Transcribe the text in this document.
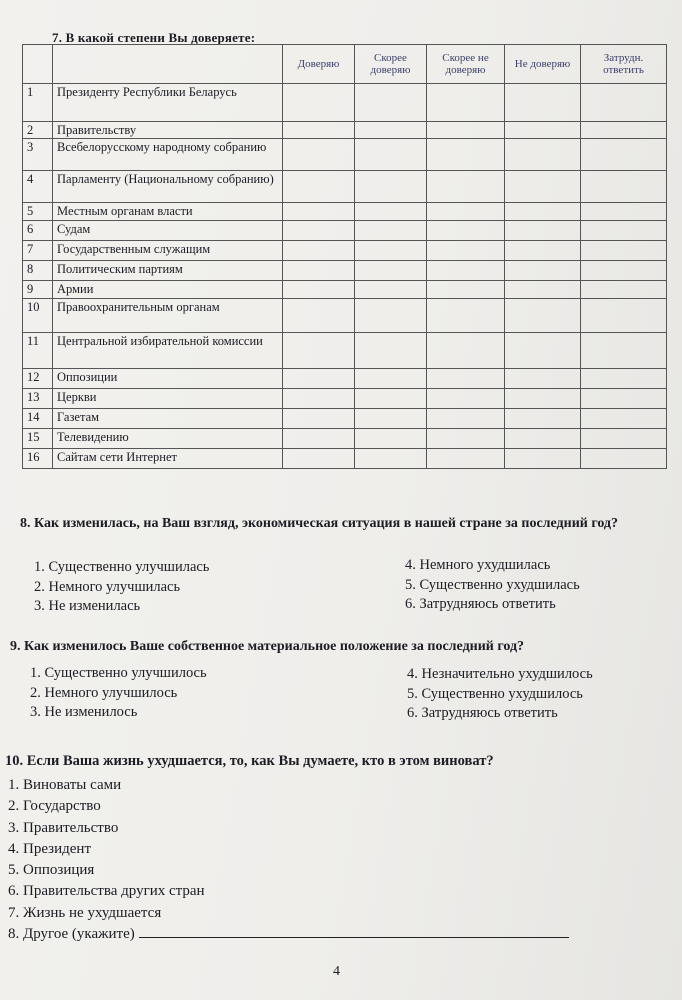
7. В какой степени Вы доверяете:
		Доверяю	Скорее доверяю	Скорее не доверяю	Не доверяю	Затрудн. ответить
1	Президенту Республики Беларусь					
2	Правительству					
3	Всебелорусскому народному собранию					
4	Парламенту (Национальному собранию)					
5	Местным органам власти					
6	Судам					
7	Государственным служащим					
8	Политическим партиям					
9	Армии					
10	Правоохранительным органам					
11	Центральной избирательной комиссии					
12	Оппозиции					
13	Церкви					
14	Газетам					
15	Телевидению					
16	Сайтам сети Интернет					
8. Как изменилась, на Ваш взгляд, экономическая ситуация в нашей стране за последний год?
1. Существенно улучшилась
2. Немного улучшилась
3. Не изменилась
4. Немного ухудшилась
5. Существенно ухудшилась
6. Затрудняюсь ответить
9. Как изменилось Ваше собственное материальное положение за последний год?
1. Существенно улучшилось
2. Немного улучшилось
3. Не изменилось
4. Незначительно ухудшилось
5. Существенно ухудшилось
6. Затрудняюсь ответить
10. Если Ваша жизнь ухудшается, то, как Вы думаете, кто в этом виноват?
1. Виноваты сами
2. Государство
3. Правительство
4. Президент
5. Оппозиция
6. Правительства других стран
7. Жизнь не ухудшается
8. Другое (укажите)
4
